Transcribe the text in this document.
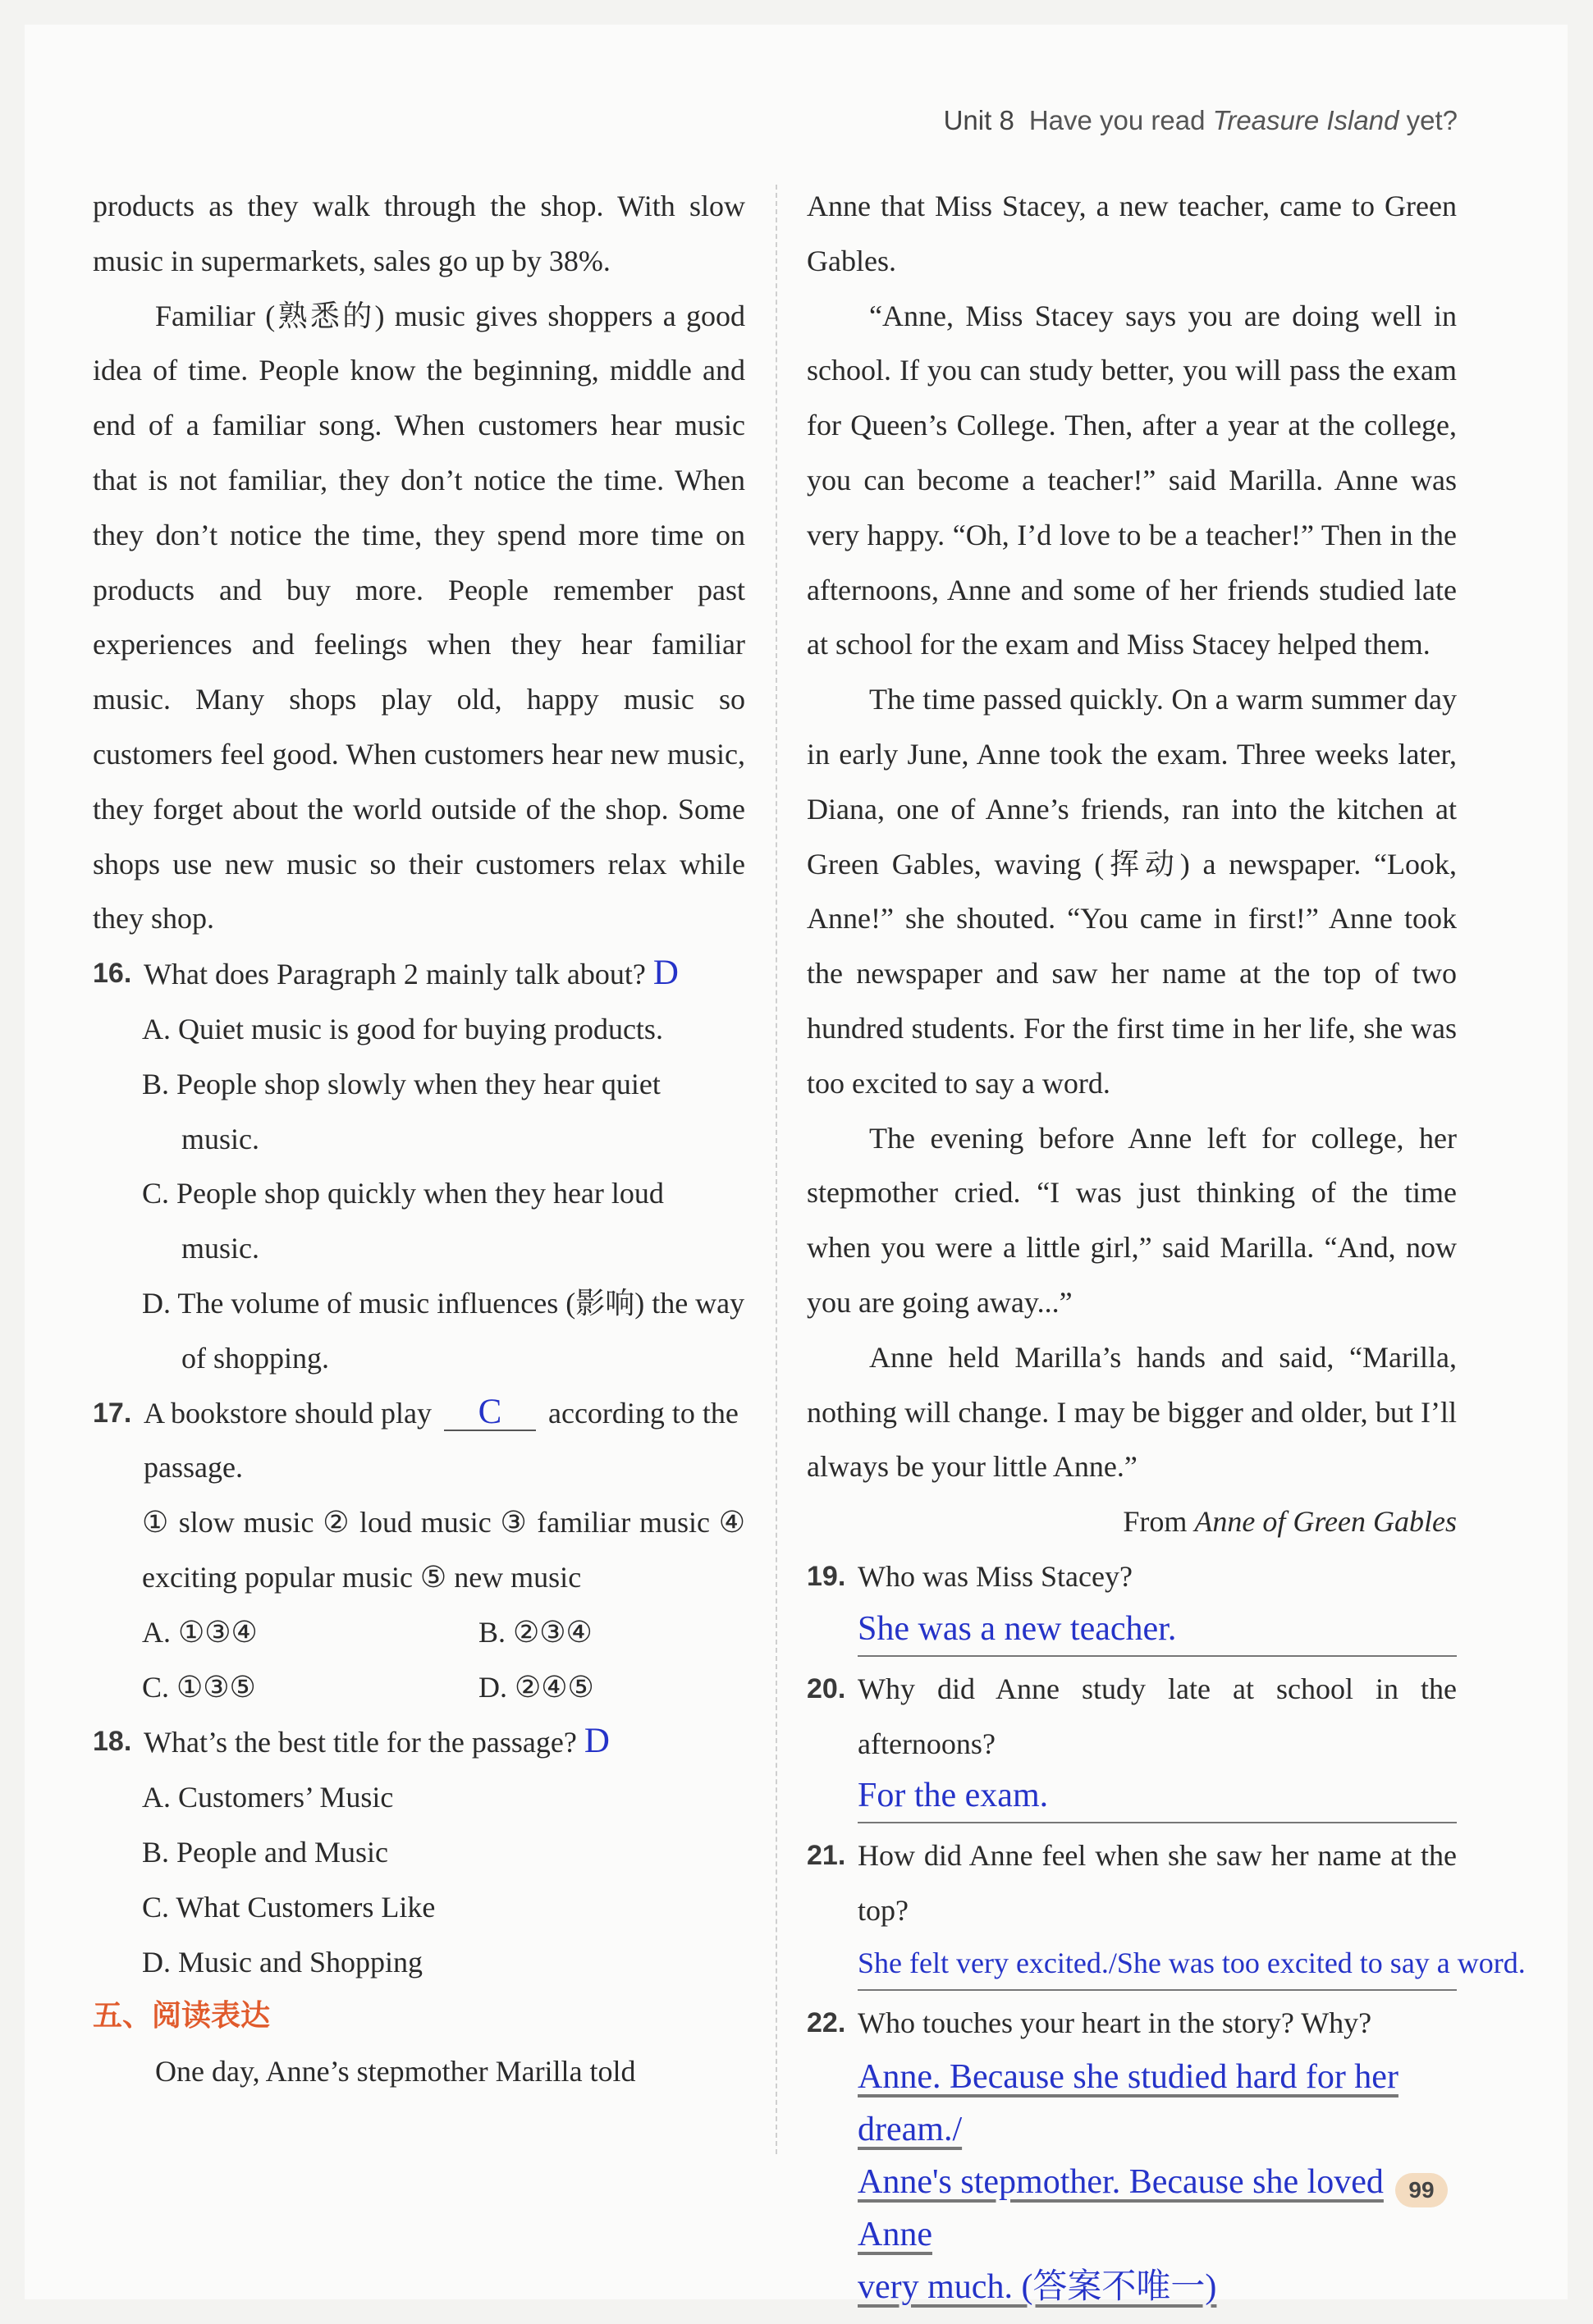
Unit 8 Have you read Treasure Island yet?

products as they walk through the shop. With slow music in supermarkets, sales go up by 38%.

Familiar (熟悉的) music gives shoppers a good idea of time. People know the beginning, middle and end of a familiar song. When customers hear music that is not familiar, they don’t notice the time. When they don’t notice the time, they spend more time on products and buy more. People remember past experiences and feelings when they hear familiar music. Many shops play old, happy music so customers feel good. When customers hear new music, they forget about the world outside of the shop. Some shops use new music so their customers relax while they shop.

16. What does Paragraph 2 mainly talk about? D
A. Quiet music is good for buying products.
B. People shop slowly when they hear quiet music.
C. People shop quickly when they hear loud music.
D. The volume of music influences (影响) the way of shopping.
17. A bookstore should play C according to the passage.

① slow music ② loud music ③ familiar music ④ exciting popular music ⑤ new music

A. ①③④	B. ②③④
C. ①③⑤	D. ②④⑤
18. What’s the best title for the passage? D
A. Customers’ Music
B. People and Music
C. What Customers Like
D. Music and Shopping
五、阅读表达

One day, Anne’s stepmother Marilla told

Anne that Miss Stacey, a new teacher, came to Green Gables.

“Anne, Miss Stacey says you are doing well in school. If you can study better, you will pass the exam for Queen’s College. Then, after a year at the college, you can become a teacher!” said Marilla. Anne was very happy. “Oh, I’d love to be a teacher!” Then in the afternoons, Anne and some of her friends studied late at school for the exam and Miss Stacey helped them.

The time passed quickly. On a warm summer day in early June, Anne took the exam. Three weeks later, Diana, one of Anne’s friends, ran into the kitchen at Green Gables, waving (挥动) a newspaper. “Look, Anne!” she shouted. “You came in first!” Anne took the newspaper and saw her name at the top of two hundred students. For the first time in her life, she was too excited to say a word.

The evening before Anne left for college, her stepmother cried. “I was just thinking of the time when you were a little girl,” said Marilla. “And, now you are going away...”

Anne held Marilla’s hands and said, “Marilla, nothing will change. I may be bigger and older, but I’ll always be your little Anne.”

From Anne of Green Gables

19. Who was Miss Stacey?
She was a new teacher.
20. Why did Anne study late at school in the afternoons?

For the exam.
21. How did Anne feel when she saw her name at the top?

She felt very excited./She was too excited to say a word.
22. Who touches your heart in the story? Why?
Anne. Because she studied hard for her dream./
Anne's stepmother. Because she loved Anne
very much. (答案不唯一)
99
